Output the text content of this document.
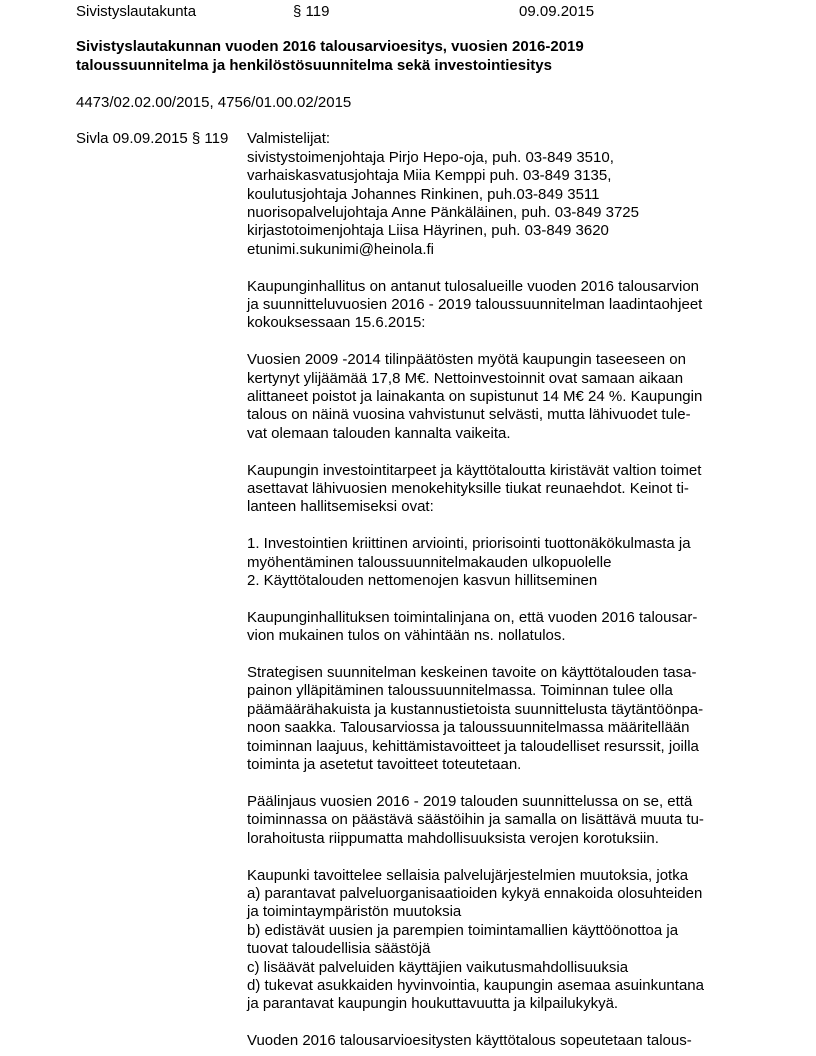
Sivistyslautakunta	§ 119	09.09.2015
Sivistyslautakunnan vuoden 2016 talousarvioesitys, vuosien 2016-2019
taloussuunnitelma ja henkilöstösuunnitelma sekä investointiesitys
4473/02.02.00/2015, 4756/01.00.02/2015
Sivla 09.09.2015 § 119	Valmistelijat:
sivistystoimenjohtaja Pirjo Hepo-oja, puh. 03-849 3510,
varhaiskasvatusjohtaja Miia Kemppi puh. 03-849 3135,
koulutusjohtaja Johannes Rinkinen, puh.03-849 3511
nuorisopalvelujohtaja Anne Pänkäläinen, puh. 03-849 3725
kirjastotoimenjohtaja Liisa Häyrinen, puh. 03-849 3620
etunimi.sukunimi@heinola.fi
Kaupunginhallitus on antanut tulosalueille vuoden 2016 talousarvion
ja suunnitteluvuosien 2016 - 2019 taloussuunnitelman laadintaohjeet
kokouksessaan 15.6.2015:
Vuosien 2009 -2014 tilinpäätösten myötä kaupungin taseeseen on
kertynyt ylijäämää 17,8 M€. Nettoinvestoinnit ovat samaan aikaan
alittaneet poistot ja lainakanta on supistunut 14 M€ 24 %. Kaupungin
talous on näinä vuosina vahvistunut selvästi, mutta lähivuodet tule-
vat olemaan talouden kannalta vaikeita.
Kaupungin investointitarpeet ja käyttötaloutta kiristävät valtion toimet
asettavat lähivuosien menokehityksille tiukat reunaehdot. Keinot ti-
lanteen hallitsemiseksi ovat:
1. Investointien kriittinen arviointi, priorisointi tuottonäkökulmasta ja
myöhentäminen taloussuunnitelmakauden ulkopuolelle
2. Käyttötalouden nettomenojen kasvun hillitseminen
Kaupunginhallituksen toimintalinjana on, että vuoden 2016 talousar-
vion mukainen tulos on vähintään ns. nollatulos.
Strategisen suunnitelman keskeinen tavoite on käyttötalouden tasa-
painon ylläpitäminen taloussuunnitelmassa. Toiminnan tulee olla
päämäärähakuista ja kustannustietoista suunnittelusta täytäntöönpa-
noon saakka. Talousarviossa ja taloussuunnitelmassa määritellään
toiminnan laajuus, kehittämistavoitteet ja taloudelliset resurssit, joilla
toiminta ja asetetut tavoitteet toteutetaan.
Päälinjaus vuosien 2016 - 2019 talouden suunnittelussa on se, että
toiminnassa on päästävä säästöihin ja samalla on lisättävä muuta tu-
lorahoitusta riippumatta mahdollisuuksista verojen korotuksiin.
Kaupunki tavoittelee sellaisia palvelujärjestelmien muutoksia, jotka
a) parantavat palveluorganisaatioiden kykyä ennakoida olosuhteiden
ja toimintaympäristön muutoksia
b) edistävät uusien ja parempien toimintamallien käyttöönottoa ja
tuovat taloudellisia säästöjä
c) lisäävät palveluiden käyttäjien vaikutusmahdollisuuksia
d) tukevat asukkaiden hyvinvointia, kaupungin asemaa asuinkuntana
ja parantavat kaupungin houkuttavuutta ja kilpailukykyä.
Vuoden 2016 talousarvioesitysten käyttötalous sopeutetaan talous-
